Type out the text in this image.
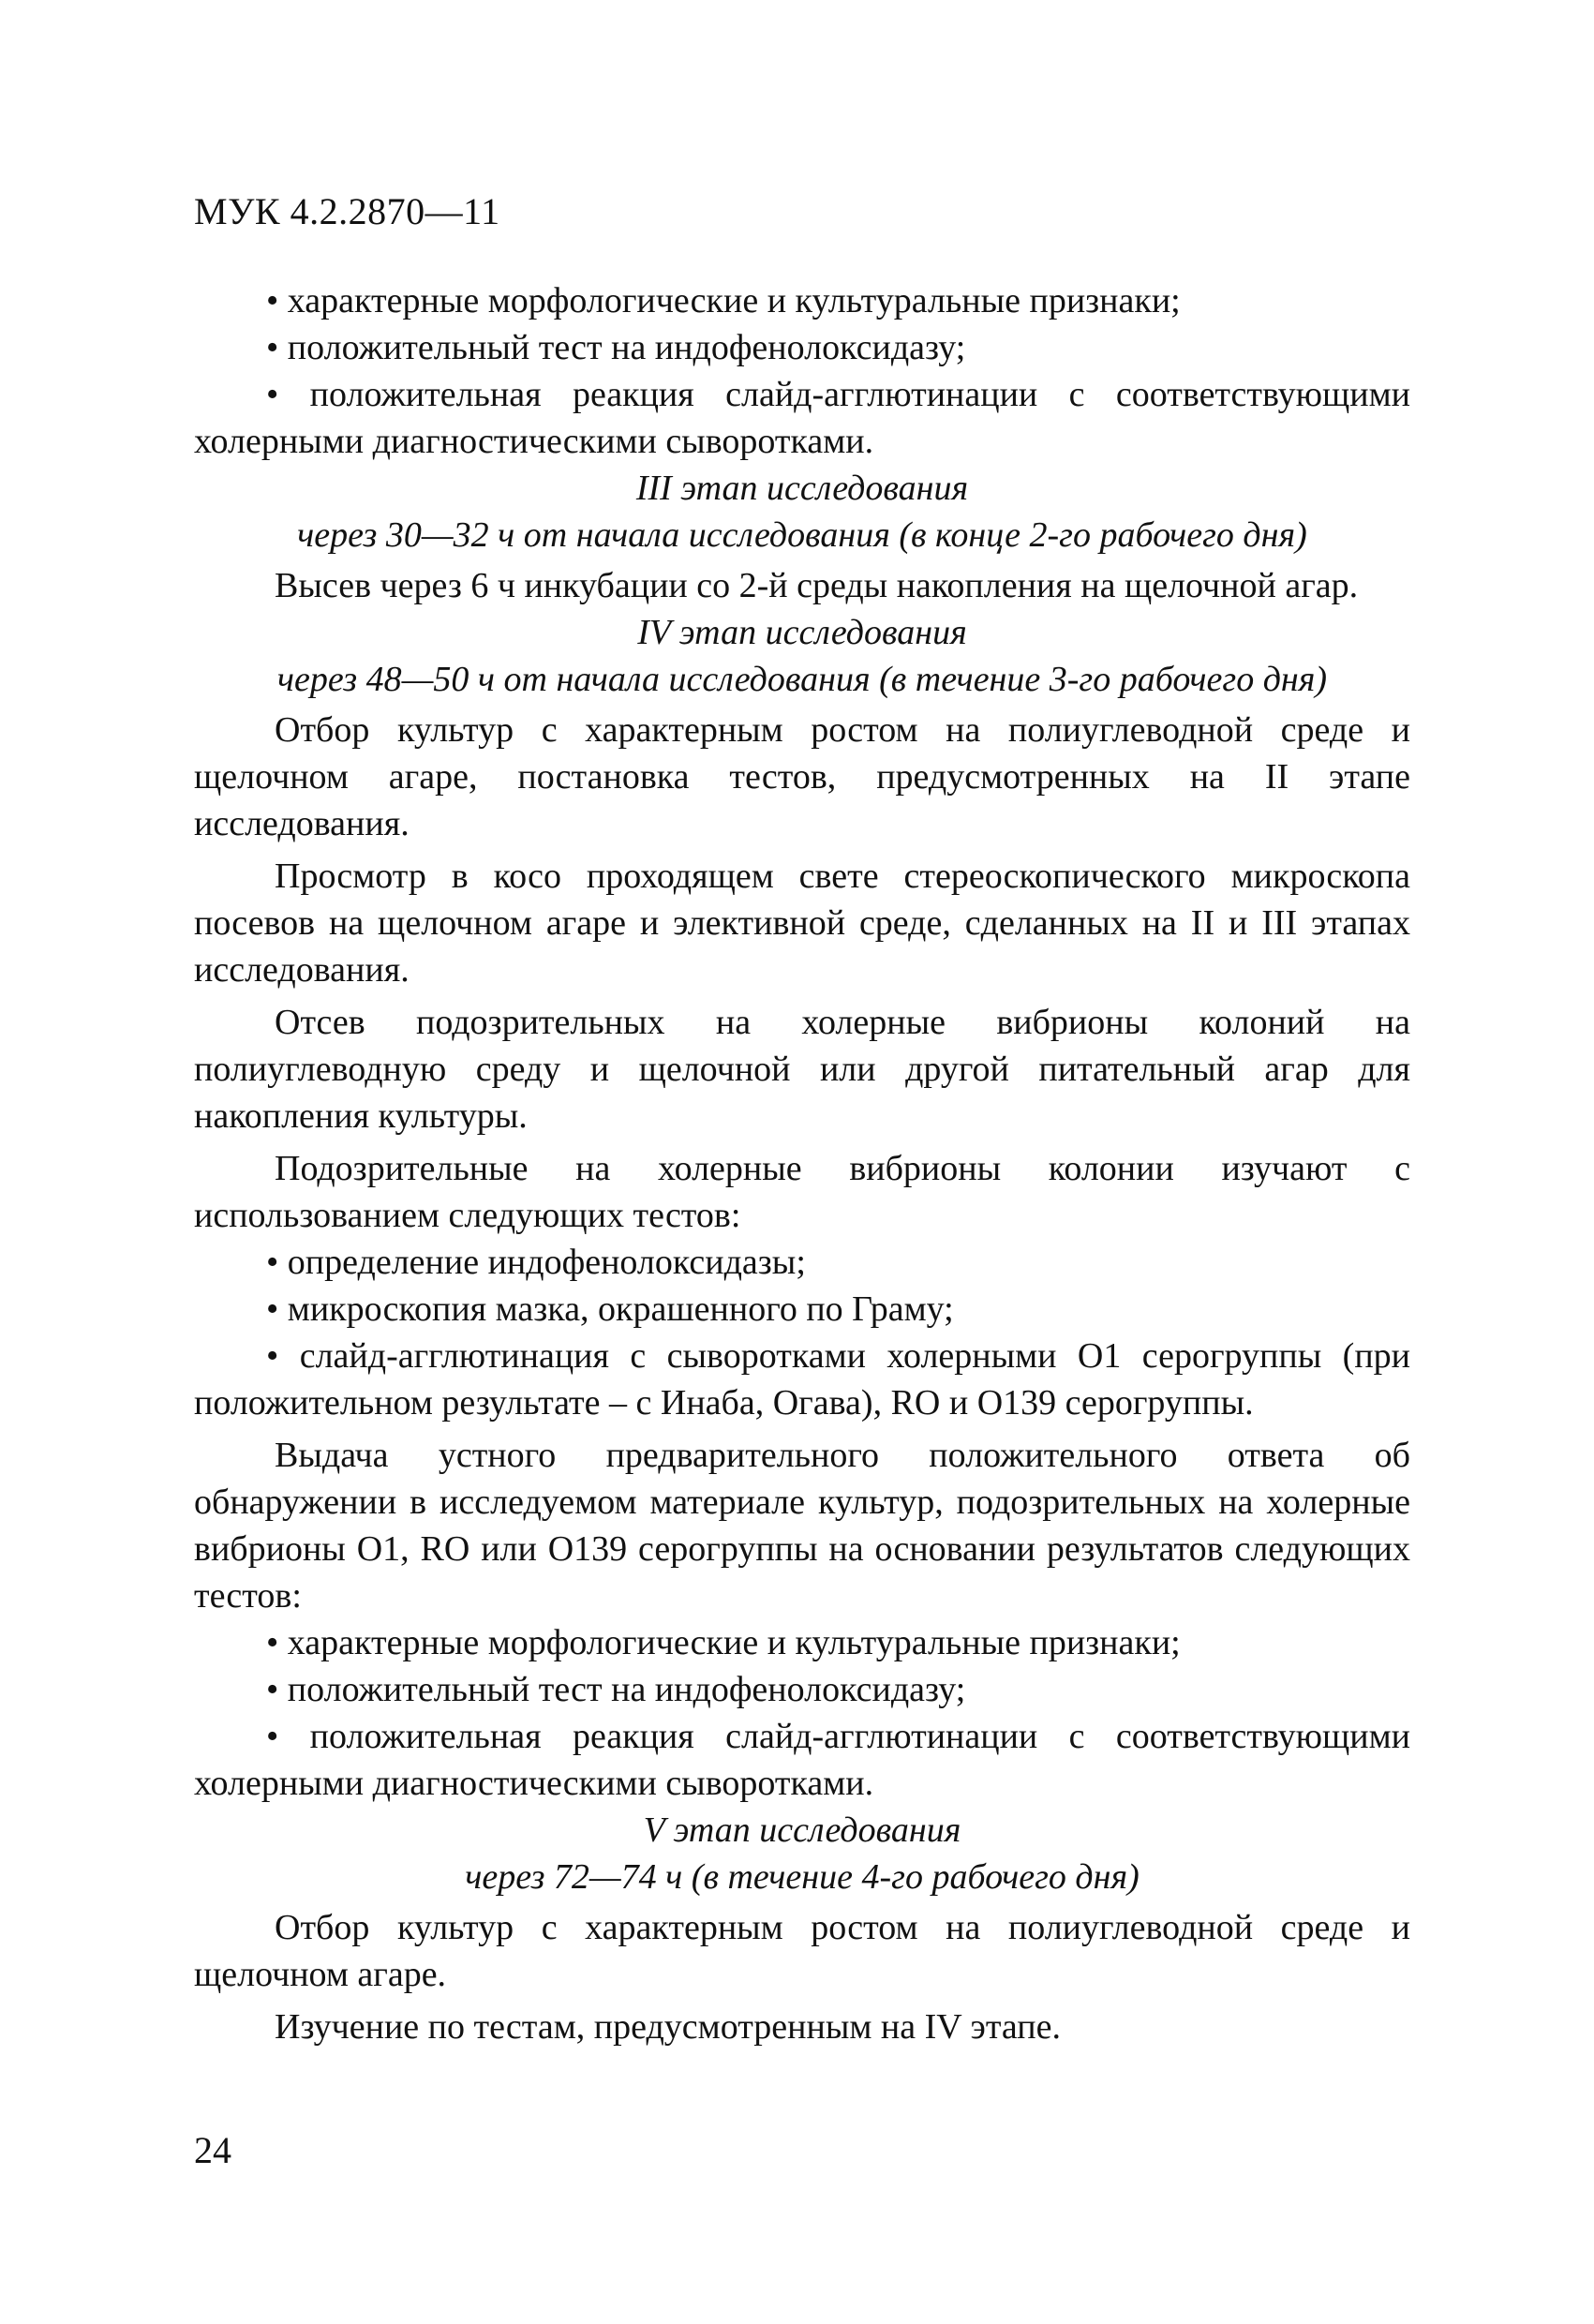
МУК 4.2.2870—11

• характерные морфологические и культуральные признаки;

• положительный тест на индофенолоксидазу;

• положительная реакция слайд-агглютинации с соответствующими холерными диагностическими сыворотками.

III этап исследования

через 30—32 ч от начала исследования (в конце 2-го рабочего дня)

Высев через 6 ч инкубации со 2-й среды накопления на щелочной агар.

IV этап исследования

через 48—50 ч от начала исследования (в течение 3-го рабочего дня)

Отбор культур с характерным ростом на полиуглеводной среде и щелочном агаре, постановка тестов, предусмотренных на II этапе исследования.

Просмотр в косо проходящем свете стереоскопического микроскопа посевов на щелочном агаре и элективной среде, сделанных на II и III этапах исследования.

Отсев подозрительных на холерные вибрионы колоний на полиуглеводную среду и щелочной или другой питательный агар для накопления культуры.

Подозрительные на холерные вибрионы колонии изучают с использованием следующих тестов:

• определение индофенолоксидазы;

• микроскопия мазка, окрашенного по Граму;

• слайд-агглютинация с сыворотками холерными O1 серогруппы (при положительном результате – с Инаба, Огава), RO и O139 серогруппы.

Выдача устного предварительного положительного ответа об обнаружении в исследуемом материале культур, подозрительных на холерные вибрионы O1, RO или O139 серогруппы на основании результатов следующих тестов:

• характерные морфологические и культуральные признаки;

• положительный тест на индофенолоксидазу;

• положительная реакция слайд-агглютинации с соответствующими холерными диагностическими сыворотками.

V этап исследования

через 72—74 ч (в течение 4-го рабочего дня)

Отбор культур с характерным ростом на полиуглеводной среде и щелочном агаре.

Изучение по тестам, предусмотренным на IV этапе.

24
